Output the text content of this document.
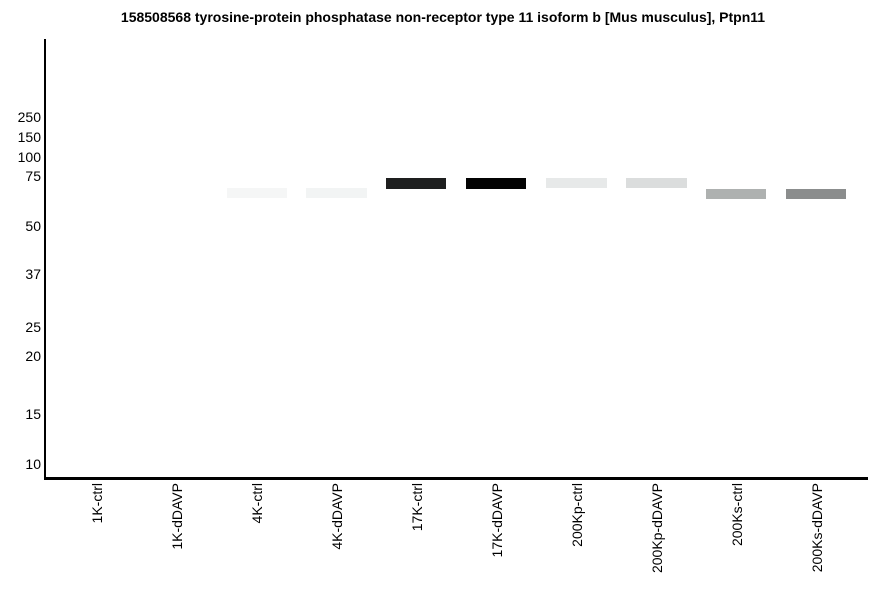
158508568 tyrosine-protein phosphatase non-receptor type 11 isoform b [Mus musculus], Ptpn11
250
150
100
75
50
37
25
20
15
10
1K-ctrl	1K-dDAVP	4K-ctrl	4K-dDAVP	17K-ctrl	17K-dDAVP	200Kp-ctrl	200Kp-dDAVP	200Ks-ctrl	200Ks-dDAVP
